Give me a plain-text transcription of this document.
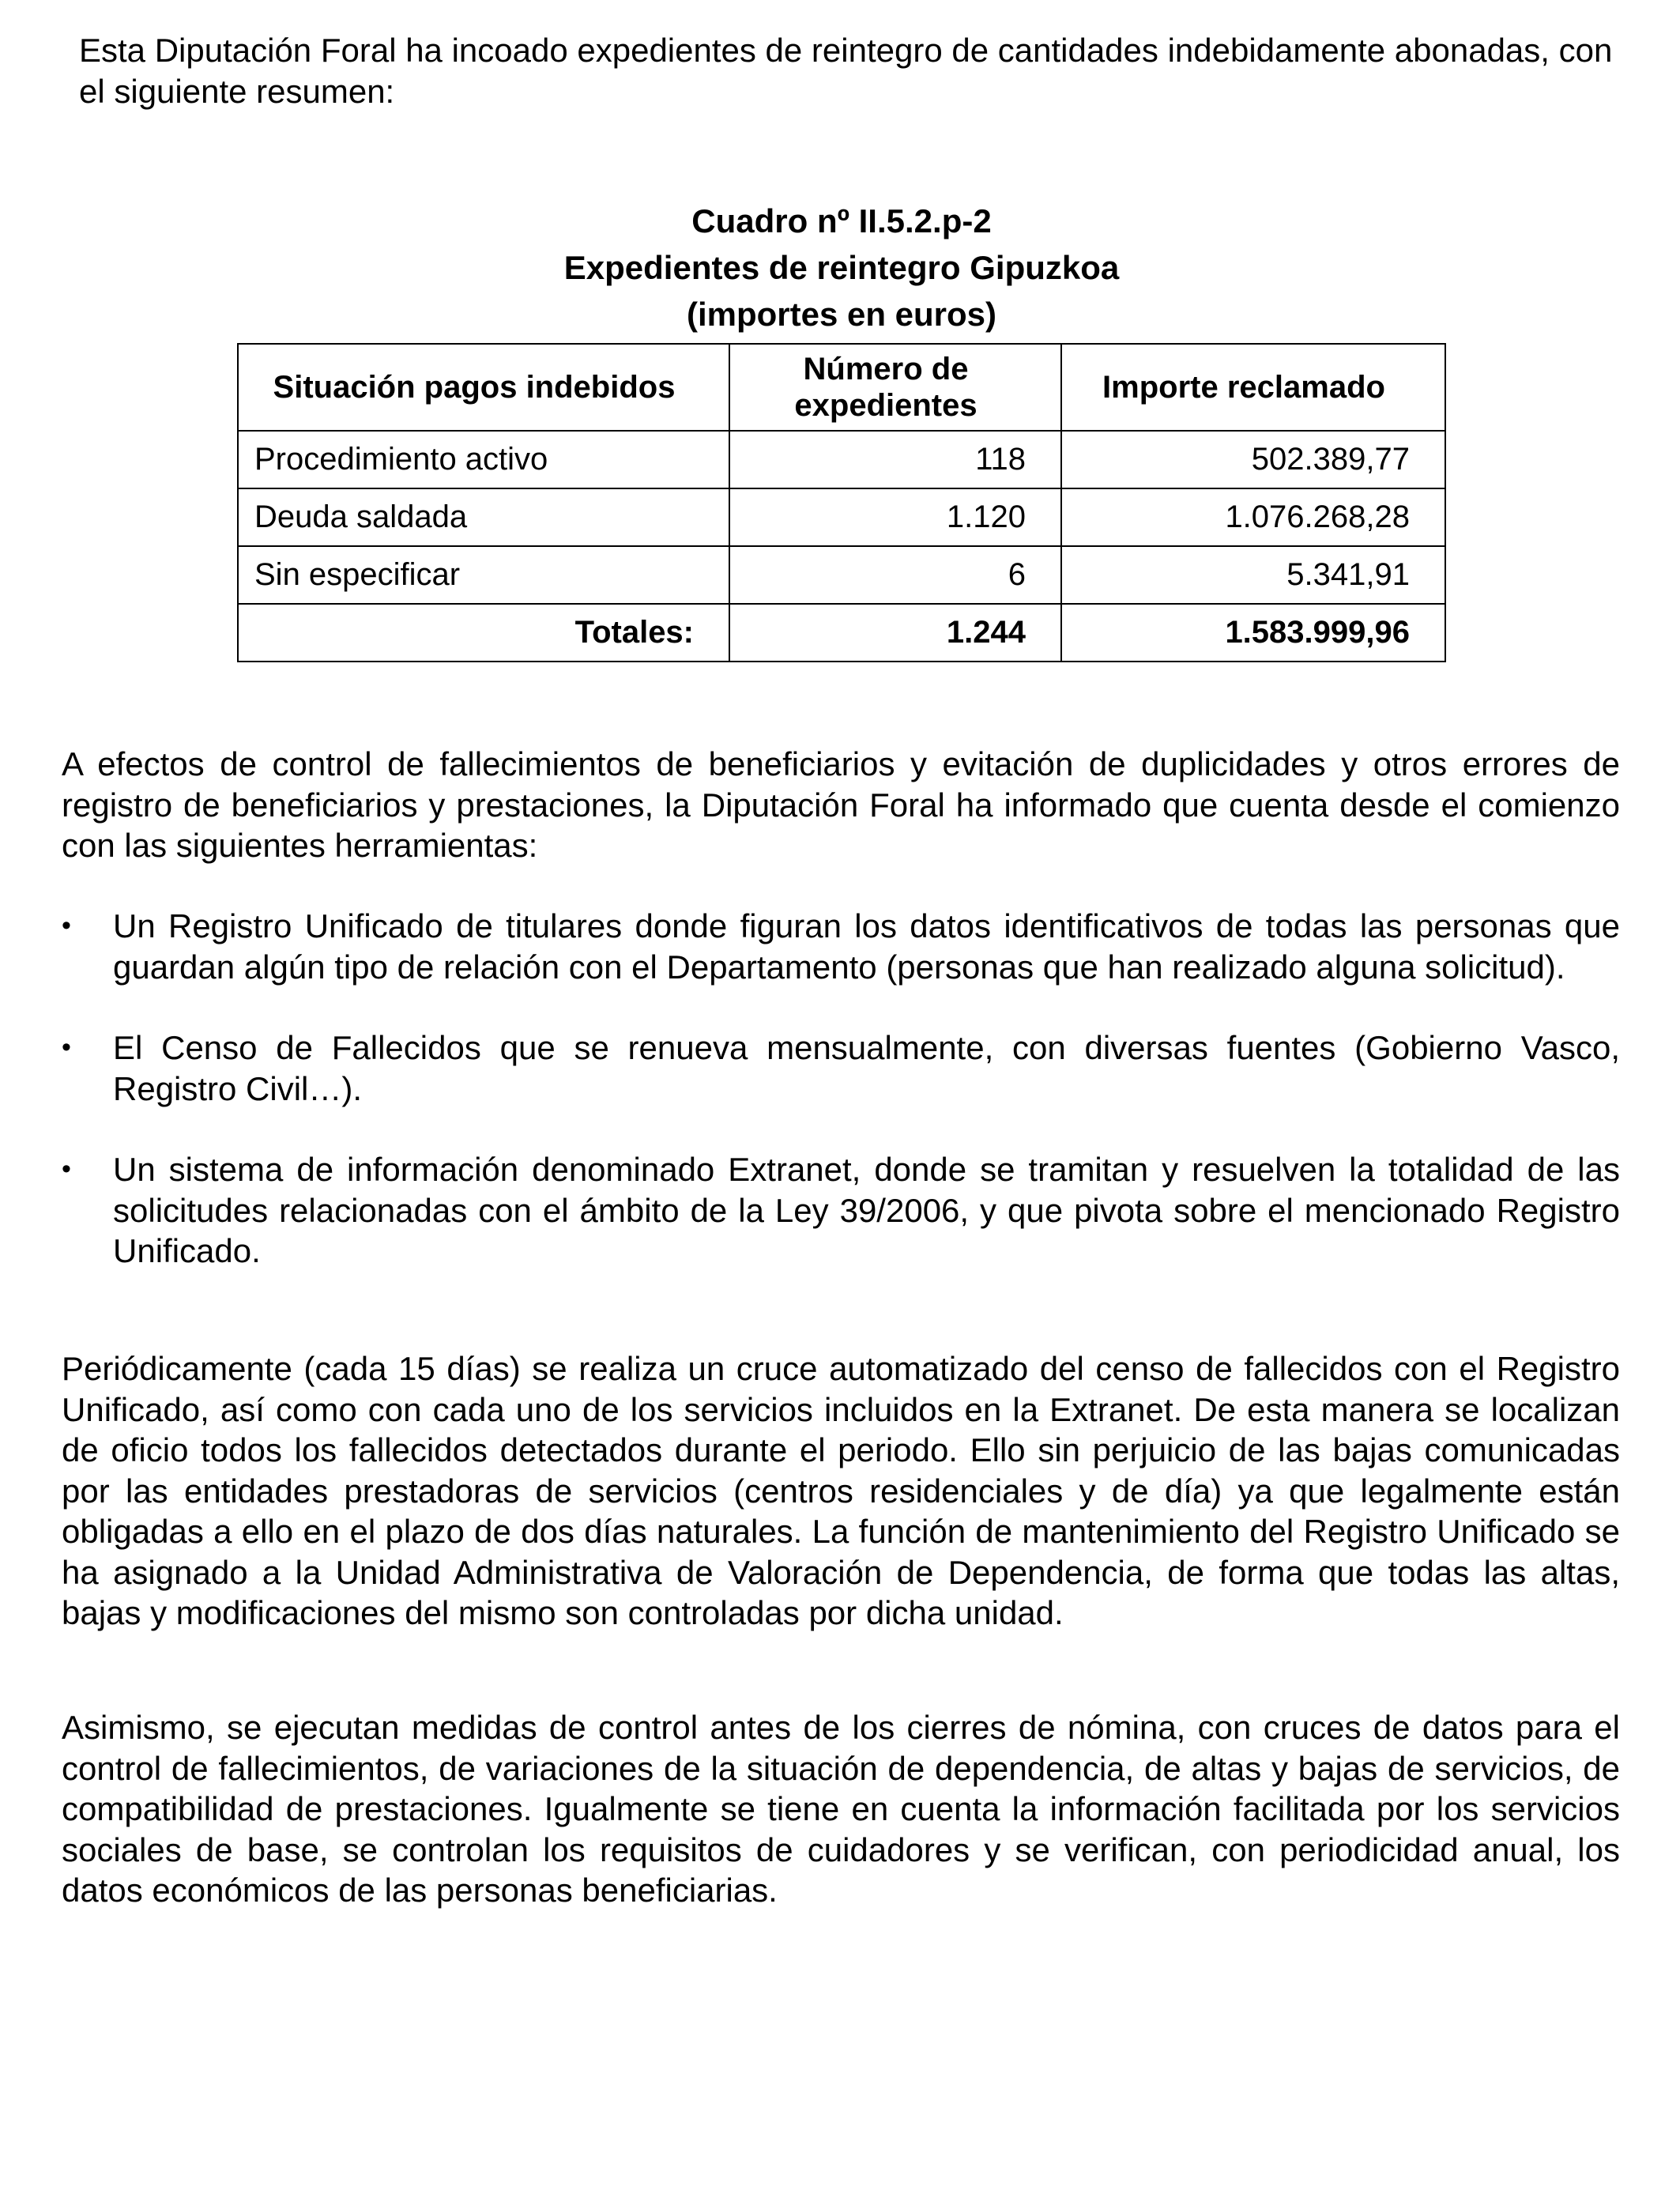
Esta Diputación Foral ha incoado expedientes de reintegro de cantidades indebidamente abonadas, con el siguiente resumen:

Cuadro nº II.5.2.p-2
Expedientes de reintegro Gipuzkoa
(importes en euros)
Situación pagos indebidos	Número de expedientes	Importe reclamado
Procedimiento activo	118	502.389,77
Deuda saldada	1.120	1.076.268,28
Sin especificar	6	5.341,91
Totales:	1.244	1.583.999,96

A efectos de control de fallecimientos de beneficiarios y evitación de duplicidades y otros errores de registro de beneficiarios y prestaciones, la Diputación Foral ha informado que cuenta desde el comienzo con las siguientes herramientas:

• Un Registro Unificado de titulares donde figuran los datos identificativos de todas las personas que guardan algún tipo de relación con el Departamento (personas que han realizado alguna solicitud).
• El Censo de Fallecidos que se renueva mensualmente, con diversas fuentes (Gobierno Vasco, Registro Civil…).
• Un sistema de información denominado Extranet, donde se tramitan y resuelven la totalidad de las solicitudes relacionadas con el ámbito de la Ley 39/2006, y que pivota sobre el mencionado Registro Unificado.

Periódicamente (cada 15 días) se realiza un cruce automatizado del censo de fallecidos con el Registro Unificado, así como con cada uno de los servicios incluidos en la Extranet. De esta manera se localizan de oficio todos los fallecidos detectados durante el periodo. Ello sin perjuicio de las bajas comunicadas por las entidades prestadoras de servicios (centros residenciales y de día) ya que legalmente están obligadas a ello en el plazo de dos días naturales. La función de mantenimiento del Registro Unificado se ha asignado a la Unidad Administrativa de Valoración de Dependencia, de forma que todas las altas, bajas y modificaciones del mismo son controladas por dicha unidad.

Asimismo, se ejecutan medidas de control antes de los cierres de nómina, con cruces de datos para el control de fallecimientos, de variaciones de la situación de dependencia, de altas y bajas de servicios, de compatibilidad de prestaciones. Igualmente se tiene en cuenta la información facilitada por los servicios sociales de base, se controlan los requisitos de cuidadores y se verifican, con periodicidad anual, los datos económicos de las personas beneficiarias.
